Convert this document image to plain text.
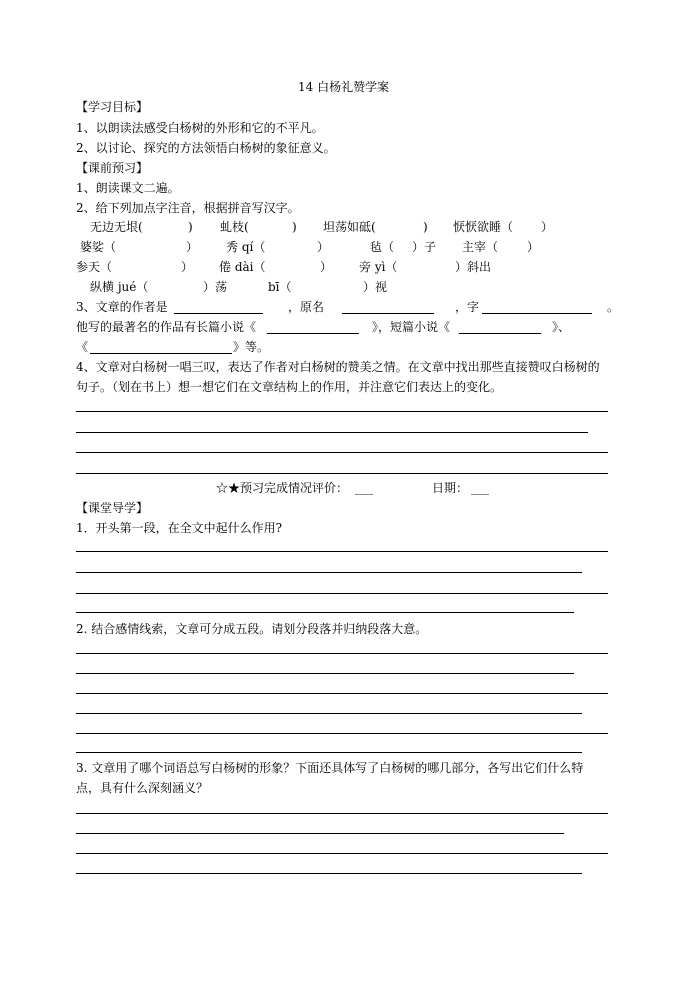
14 白杨礼赞学案
【学习目标】
1、以朗读法感受白杨树的外形和它的不平凡。
2、以讨论、探究的方法领悟白杨树的象征意义。
【课前预习】
1、朗读课文二遍。
2、给下列加点字注音，根据拼音写汉字。
无边无垠(	) 虬枝(	) 坦荡如砥(	) 恹恹欲睡（ ）
婆娑（	） 秀 qí（	）	毡（ ）子 主宰（ ）
参天（	） 倦 dài（	） 旁 yì（	）斜出
纵横 jué（	）荡	bī（	）视
3、文章的作者是	，原名	，字	。
他写的最著名的作品有长篇小说《	》，短篇小说《	》、
《	》等。
4、文章对白杨树一唱三叹，表达了作者对白杨树的赞美之情。在文章中找出那些直接赞叹白杨树的
句子。（划在书上）想一想它们在文章结构上的作用，并注意它们表达上的变化。
☆★预习完成情况评价： ___	日期： ___
【课堂导学】
1．开头第一段，在全文中起什么作用?
2. 结合感情线索，文章可分成五段。请划分段落并归纳段落大意。
3. 文章用了哪个词语总写白杨树的形象？下面还具体写了白杨树的哪几部分，各写出它们什么特
点，具有什么深刻涵义？
